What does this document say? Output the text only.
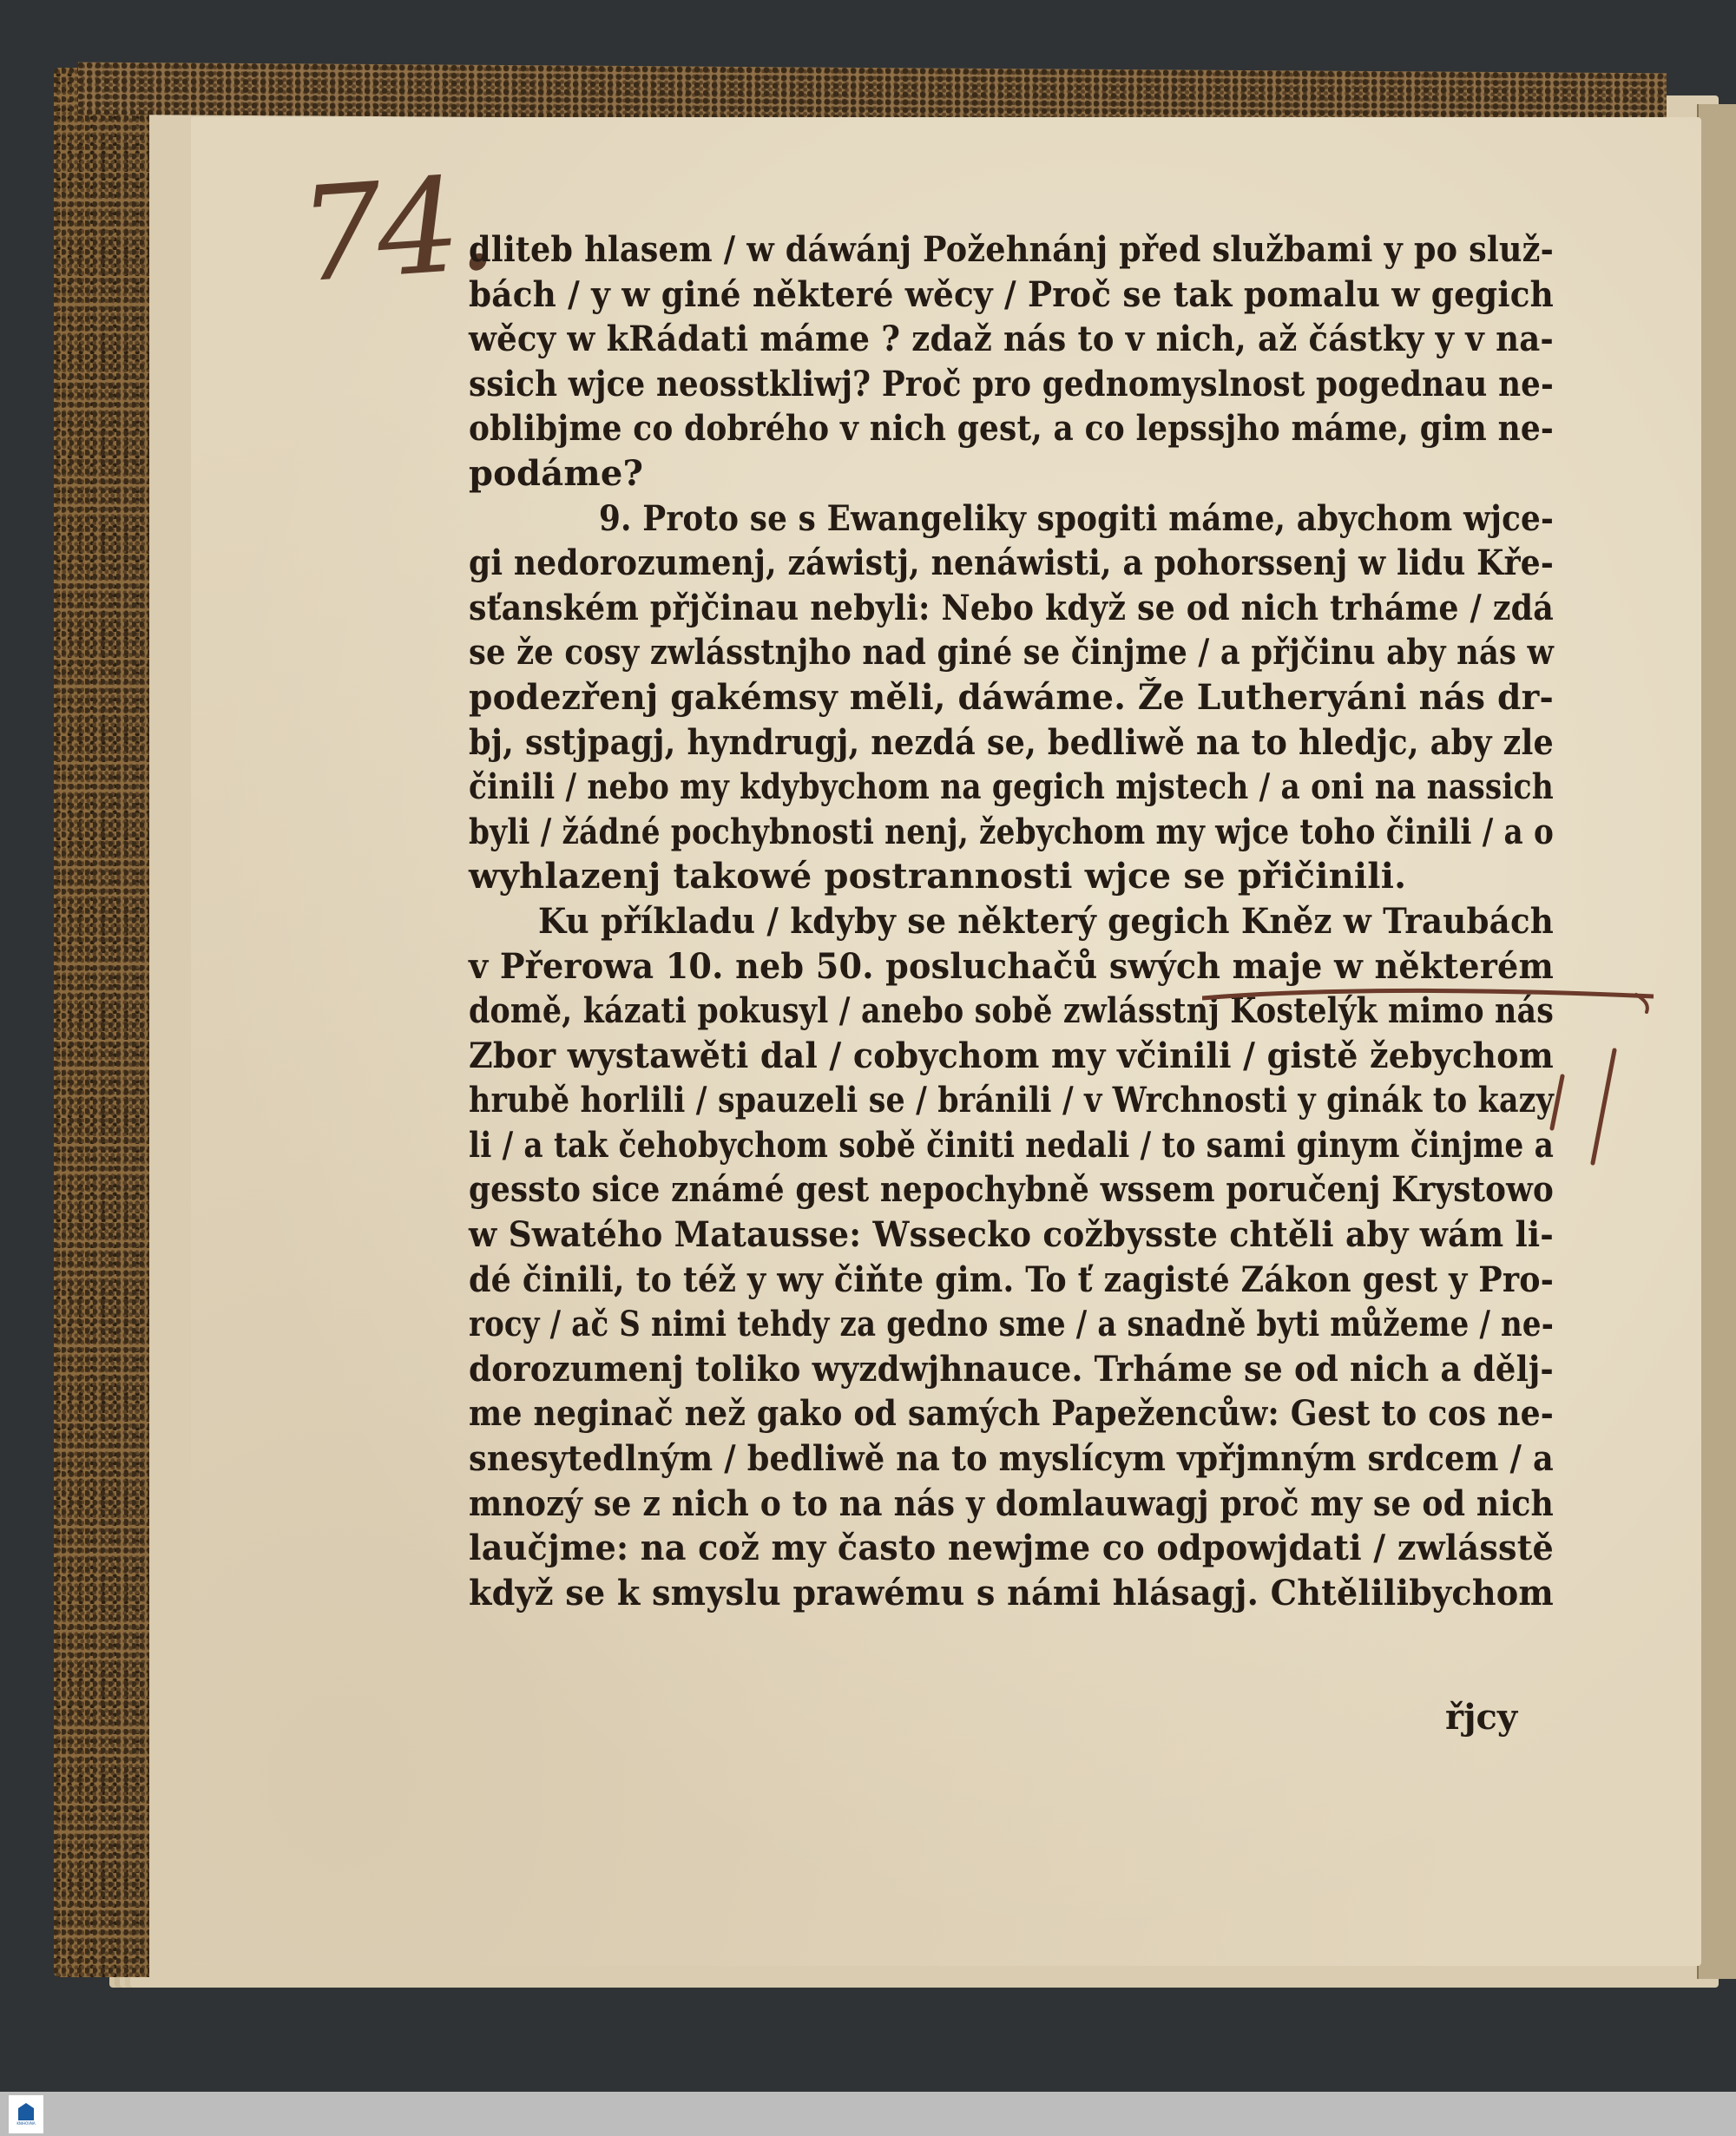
74.
dliteb hlasem / w dáwánj Požehnánj před službami y po služ-
bách / y w giné některé wěcy / Proč se tak pomalu w gegich
wěcy w kRádati máme ? zdaž nás to v nich, až částky y v na-
ssich wjce neosstkliwj? Proč pro gednomyslnost pogednau ne-
oblibjme co dobrého v nich gest, a co lepssjho máme, gim ne-
podáme?
9. Proto se s Ewangeliky spogiti máme, abychom wjce-
gi nedorozumenj, záwistj, nenáwisti, a pohorssenj w lidu Kře-
sťanském přjčinau nebyli: Nebo když se od nich trháme / zdá
se že cosy zwlásstnjho nad giné se činjme / a přjčinu aby nás w
podezřenj gakémsy měli, dáwáme. Že Lutheryáni nás dr-
bj, sstjpagj, hyndrugj, nezdá se, bedliwě na to hledjc, aby zle
činili / nebo my kdybychom na gegich mjstech / a oni na nassich
byli / žádné pochybnosti nenj, žebychom my wjce toho činili / a o
wyhlazenj takowé postrannosti wjce se přičinili.
Ku příkladu / kdyby se některý gegich Kněz w Traubách
v Přerowa 10. neb 50. posluchačů swých maje w některém
domě, kázati pokusyl / anebo sobě zwlásstnj Kostelýk mimo nás
Zbor wystawěti dal / cobychom my včinili / gistě žebychom
hrubě horlili / spauzeli se / bránili / v Wrchnosti y ginák to kazy
li / a tak čehobychom sobě činiti nedali / to sami ginym činjme a
gessto sice známé gest nepochybně wssem poručenj Krystowo
w Swatého Matausse: Wssecko cožbysste chtěli aby wám li-
dé činili, to též y wy čiňte gim. To ť zagisté Zákon gest y Pro-
rocy / ač S nimi tehdy za gedno sme / a snadně byti můžeme / ne-
dorozumenj toliko wyzdwjhnauce. Trháme se od nich a dělj-
me neginač než gako od samých Papežencůw: Gest to cos ne-
snesytedlným / bedliwě na to myslícym vpřjmným srdcem / a
mnozý se z nich o to na nás y domlauwagj proč my se od nich
laučjme: na což my často newjme co odpowjdati / zwlásstě
když se k smyslu prawému s námi hlásagj. Chtělilibychom
řjcy
KNIHOVNA
